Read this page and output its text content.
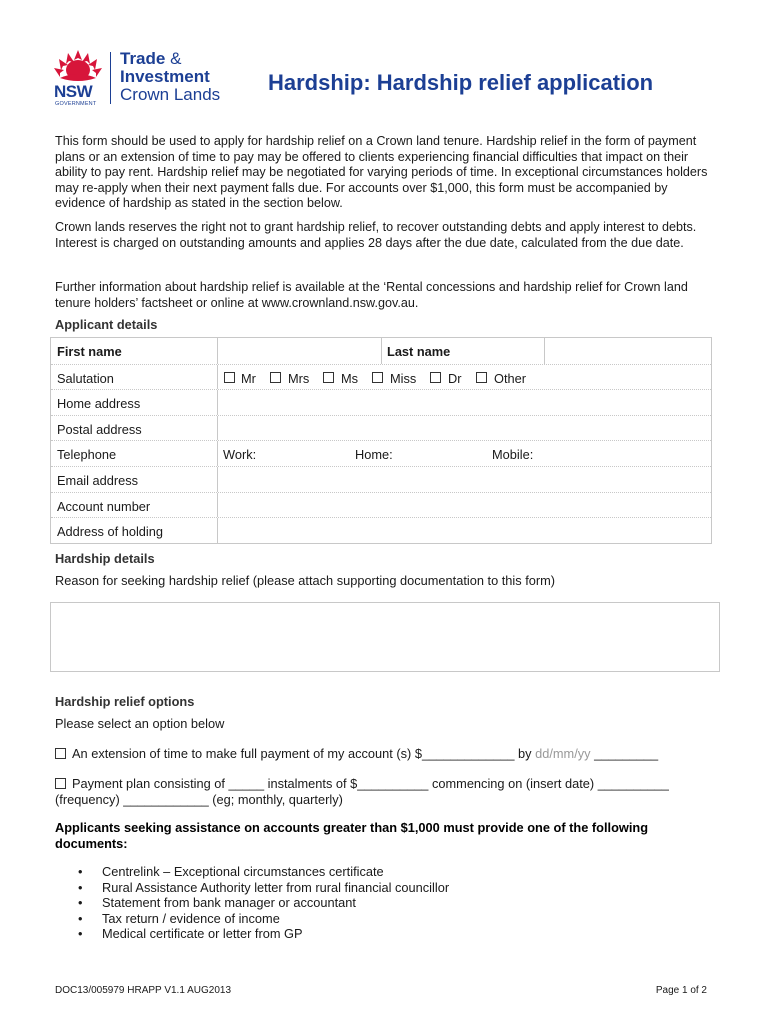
NSW
GOVERNMENT
Trade &
Investment
Crown Lands Hardship: Hardship relief application

This form should be used to apply for hardship relief on a Crown land tenure. Hardship relief in the form of payment plans or an extension of time to pay may be offered to clients experiencing financial difficulties that impact on their ability to pay rent. Hardship relief may be negotiated for varying periods of time. In exceptional circumstances holders may re-apply when their next payment falls due. For accounts over $1,000, this form must be accompanied by evidence of hardship as stated in the section below.

Crown lands reserves the right not to grant hardship relief, to recover outstanding debts and apply interest to debts. Interest is charged on outstanding amounts and applies 28 days after the due date, calculated from the due date.

Further information about hardship relief is available at the ‘Rental concessions and hardship relief for Crown land tenure holders’ factsheet or online at www.crownland.nsw.gov.au.

Applicant details
First name	Last name
Salutation	Mr	Mrs Ms Miss Dr	Other
Home address
Postal address
Telephone	Work:	Home:	Mobile:
Email address
Account number
Address of holding
Hardship details
Reason for seeking hardship relief (please attach supporting documentation to this form)
Hardship relief options
Please select an option below
An extension of time to make full payment of my account (s) $_____________ by dd/mm/yy _________
Payment plan consisting of _____ instalments of $__________ commencing on (insert date) __________
(frequency) ____________ (eg; monthly, quarterly)
Applicants seeking assistance on accounts greater than $1,000 must provide one of the following documents:
• Centrelink – Exceptional circumstances certificate
• Rural Assistance Authority letter from rural financial councillor
• Statement from bank manager or accountant
• Tax return / evidence of income
• Medical certificate or letter from GP
DOC13/005979 HRAPP V1.1 AUG2013	Page 1 of 2
